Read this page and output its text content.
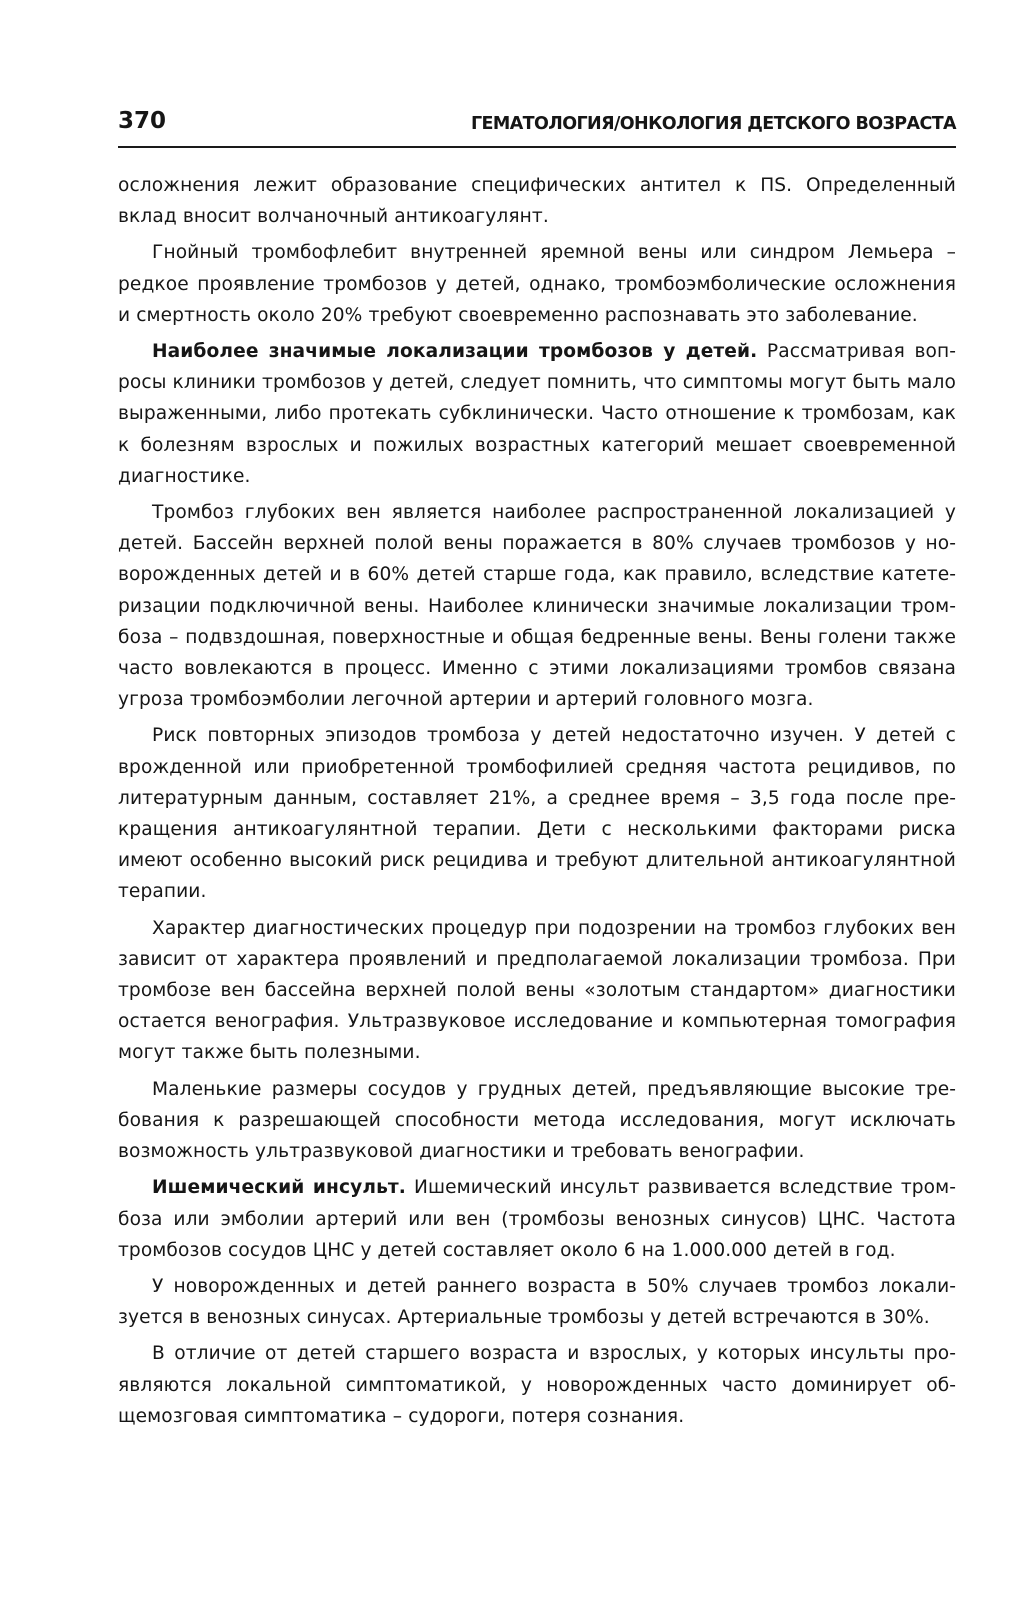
370	ГЕМАТОЛОГИЯ/ОНКОЛОГИЯ ДЕТСКОГО ВОЗРАСТА

осложнения лежит образование специфических антител к ПЅ. Определенный вклад вносит волчаночный антикоагулянт.

Гнойный тромбофлебит внутренней яремной вены или синдром Лемьера – редкое проявление тромбозов у детей, однако, тромбоэмболические осложнения и смертность около 20% требуют своевременно распознавать это заболевание.

Наиболее значимые локализации тромбозов у детей. Рассматривая вопросы клиники тромбозов у детей, следует помнить, что симптомы могут быть мало выраженными, либо протекать субклинически. Часто отношение к тромбозам, как к болезням взрослых и пожилых возрастных категорий мешает своевременной диагностике.

Тромбоз глубоких вен является наиболее распространенной локализацией у детей. Бассейн верхней полой вены поражается в 80% случаев тромбозов у новорожденных детей и в 60% детей старше года, как правило, вследствие катетеризации подключичной вены. Наиболее клинически значимые локализации тромбоза – подвздошная, поверхностные и общая бедренные вены. Вены голени также часто вовлекаются в процесс. Именно с этими локализациями тромбов связана угроза тромбоэмболии легочной артерии и артерий головного мозга.

Риск повторных эпизодов тромбоза у детей недостаточно изучен. У детей с врожденной или приобретенной тромбофилией средняя частота рецидивов, по литературным данным, составляет 21%, а среднее время – 3,5 года после прекращения антикоагулянтной терапии. Дети с несколькими факторами риска имеют особенно высокий риск рецидива и требуют длительной антикоагулянтной терапии.

Характер диагностических процедур при подозрении на тромбоз глубоких вен зависит от характера проявлений и предполагаемой локализации тромбоза. При тромбозе вен бассейна верхней полой вены «золотым стандартом» диагностики остается венография. Ультразвуковое исследование и компьютерная томография могут также быть полезными.

Маленькие размеры сосудов у грудных детей, предъявляющие высокие требования к разрешающей способности метода исследования, могут исключать возможность ультразвуковой диагностики и требовать венографии.

Ишемический инсульт. Ишемический инсульт развивается вследствие тромбоза или эмболии артерий или вен (тромбозы венозных синусов) ЦНС. Частота тромбозов сосудов ЦНС у детей составляет около 6 на 1.000.000 детей в год.

У новорожденных и детей раннего возраста в 50% случаев тромбоз локализуется в венозных синусах. Артериальные тромбозы у детей встречаются в 30%.

В отличие от детей старшего возраста и взрослых, у которых инсульты проявляются локальной симптоматикой, у новорожденных часто доминирует общемозговая симптоматика – судороги, потеря сознания.
